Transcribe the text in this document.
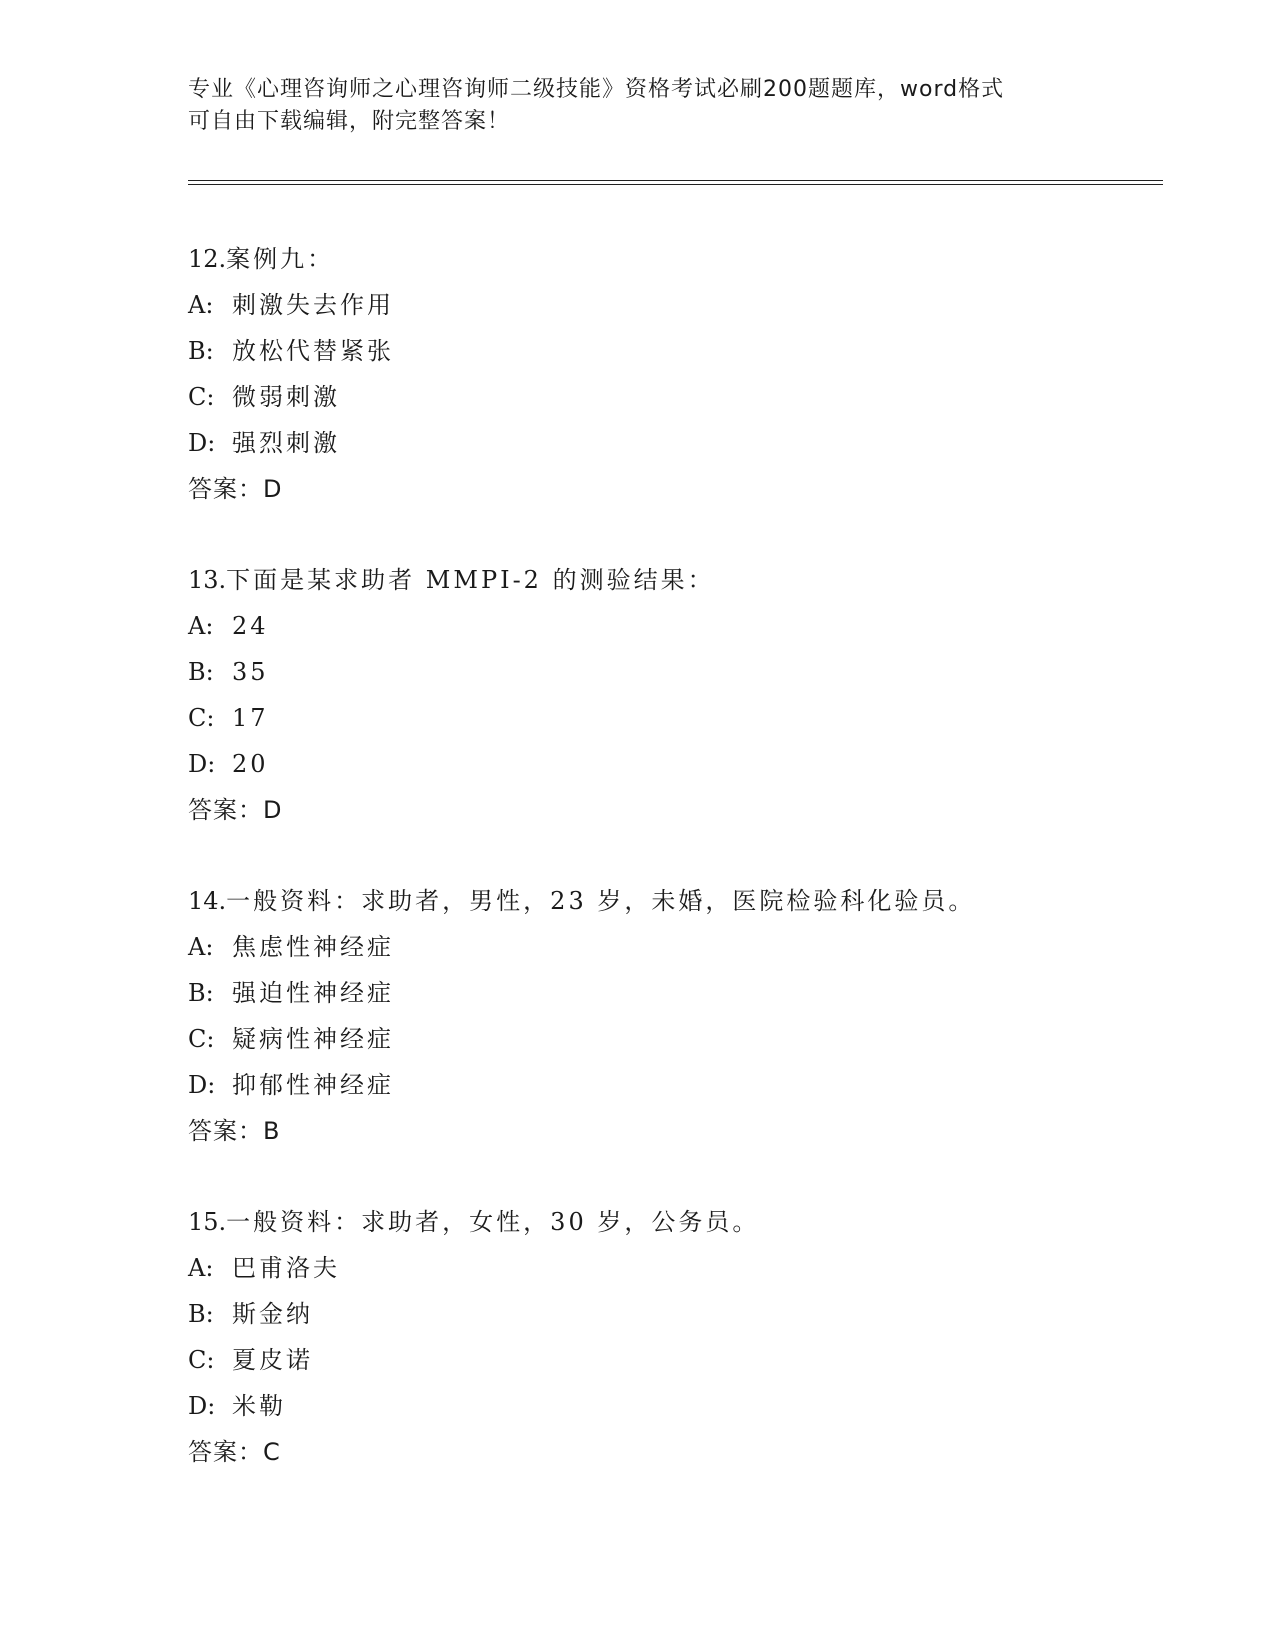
专业《心理咨询师之心理咨询师二级技能》资格考试必刷200题题库，word格式
可自由下载编辑，附完整答案！
12. 案例九：
A: 刺激失去作用
B: 放松代替紧张
C: 微弱刺激
D: 强烈刺激
答案：D
13. 下面是某求助者 MMPI-2 的测验结果：
A: 24
B: 35
C: 17
D: 20
答案：D
14. 一般资料：求助者，男性，23 岁，未婚，医院检验科化验员。
A: 焦虑性神经症
B: 强迫性神经症
C: 疑病性神经症
D: 抑郁性神经症
答案：B
15. 一般资料：求助者，女性，30 岁，公务员。
A: 巴甫洛夫
B: 斯金纳
C: 夏皮诺
D: 米勒
答案：C
